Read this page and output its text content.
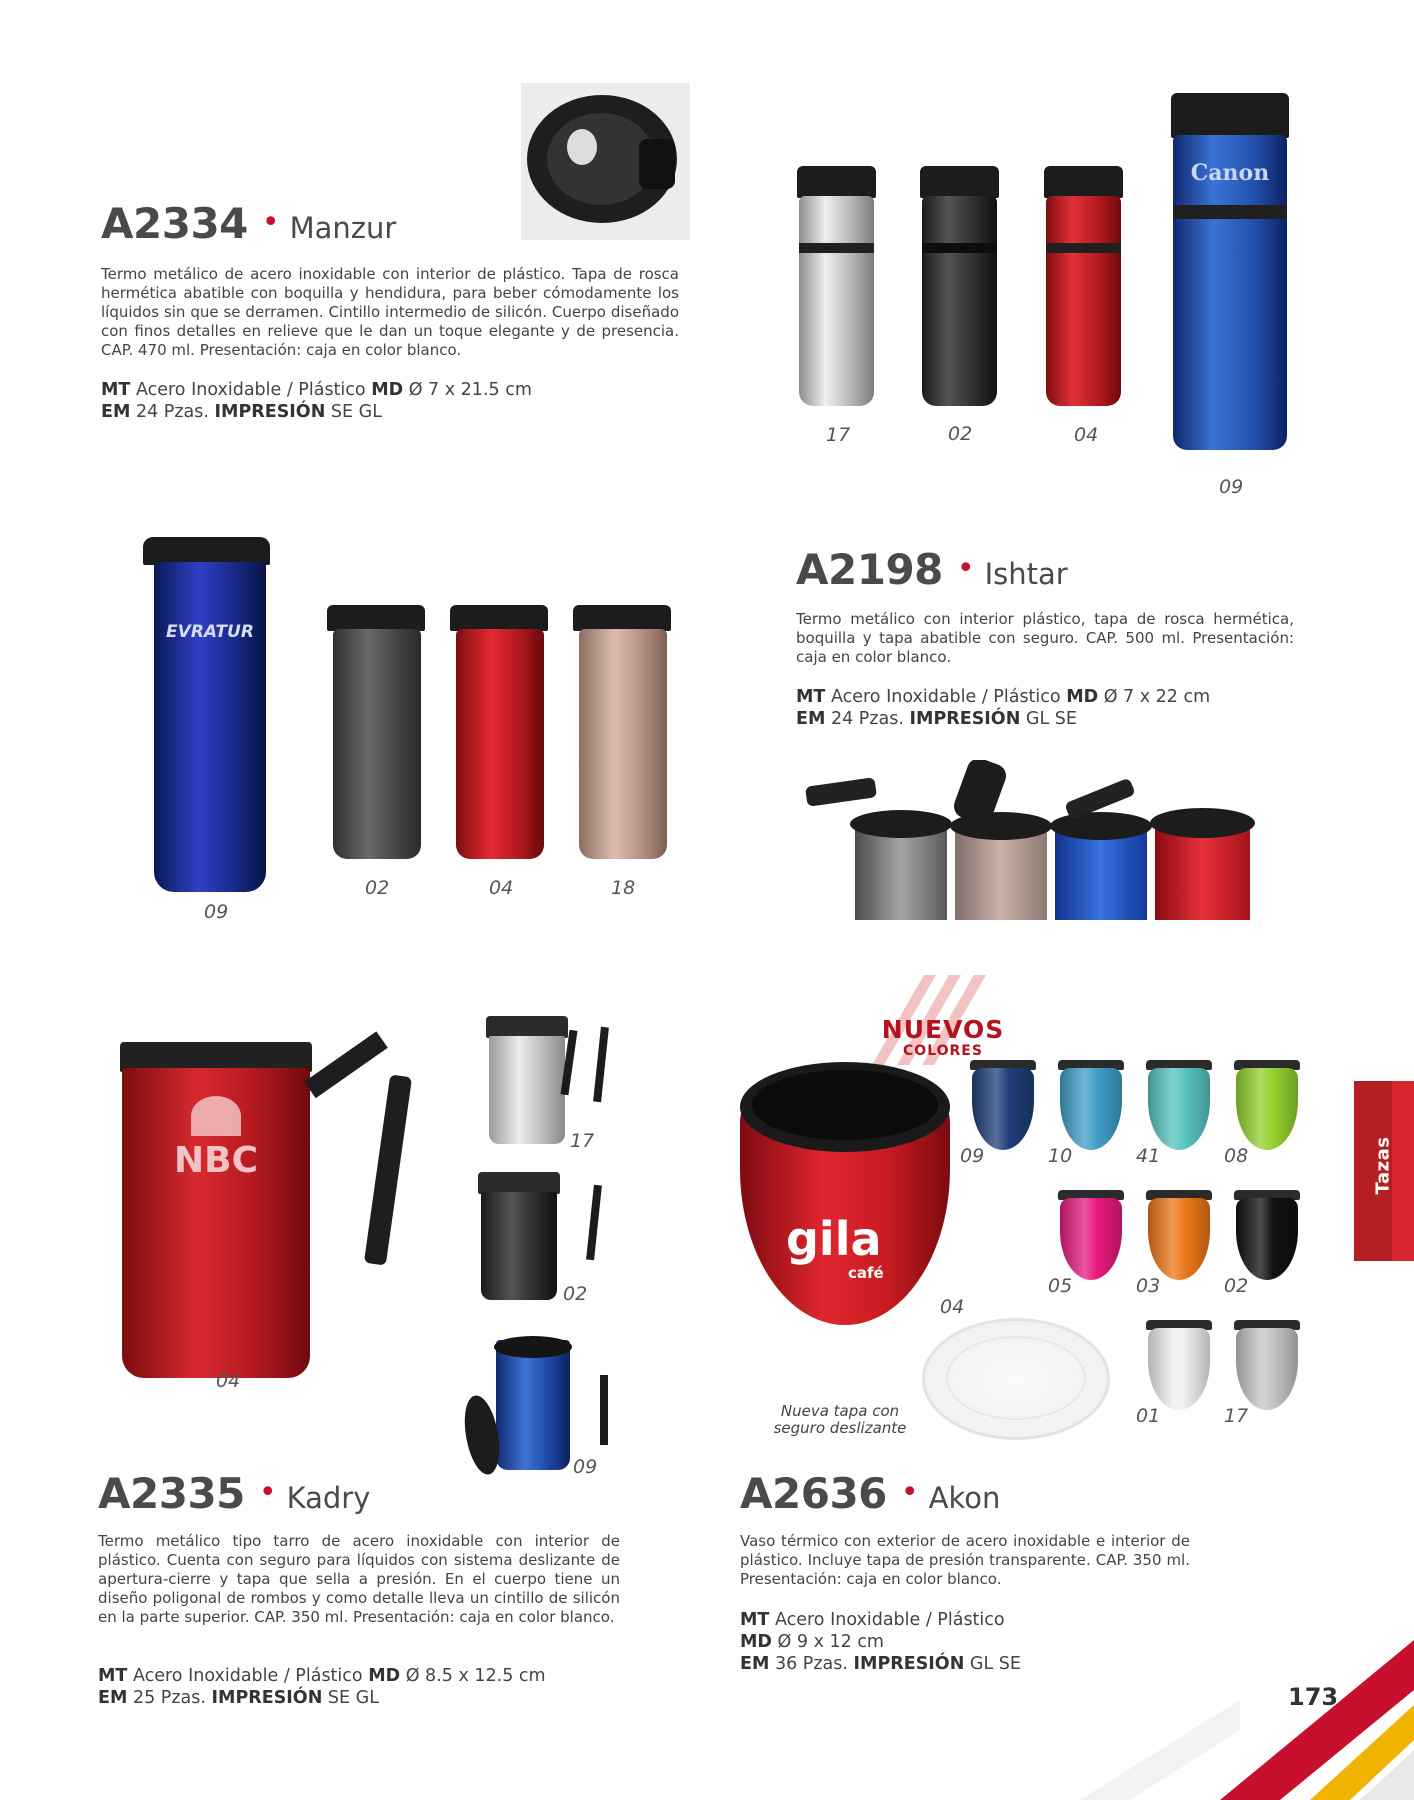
A2334 • Manzur
Termo metálico de acero inoxidable con interior de plástico. Tapa de rosca hermética abatible con boquilla y hendidura, para beber cómodamente los líquidos sin que se derramen. Cintillo intermedio de silicón. Cuerpo diseñado con finos detalles en relieve que le dan un toque elegante y de presencia. CAP. 470 ml. Presentación: caja en color blanco.
MT Acero Inoxidable / Plástico MD Ø 7 x 21.5 cm
EM 24 Pzas. IMPRESIÓN SE GL
Canon
17	02	04
09
EVRATUR
09
02	04	18
A2198 • Ishtar
Termo metálico con interior plástico, tapa de rosca hermética, boquilla y tapa abatible con seguro. CAP. 500 ml. Presentación: caja en color blanco.
MT Acero Inoxidable / Plástico MD Ø 7 x 22 cm
EM 24 Pzas. IMPRESIÓN GL SE
NBC
04
17
02
09
A2335 • Kadry
Termo metálico tipo tarro de acero inoxidable con interior de plástico. Cuenta con seguro para líquidos con sistema deslizante de apertura-cierre y tapa que sella a presión. En el cuerpo tiene un diseño poligonal de rombos y como detalle lleva un cintillo de silicón en la parte superior. CAP. 350 ml. Presentación: caja en color blanco.
MT Acero Inoxidable / Plástico MD Ø 8.5 x 12.5 cm
EM 25 Pzas. IMPRESIÓN SE GL
NUEVOS
COLORES
gila
café
04
Nueva tapa con seguro deslizante
09	10	41	08
05	03	02
01	17
A2636 • Akon
Vaso térmico con exterior de acero inoxidable e interior de plástico. Incluye tapa de presión transparente. CAP. 350 ml. Presentación: caja en color blanco.
MT Acero Inoxidable / Plástico
MD Ø 9 x 12 cm
EM 36 Pzas. IMPRESIÓN GL SE
Tazas
173
